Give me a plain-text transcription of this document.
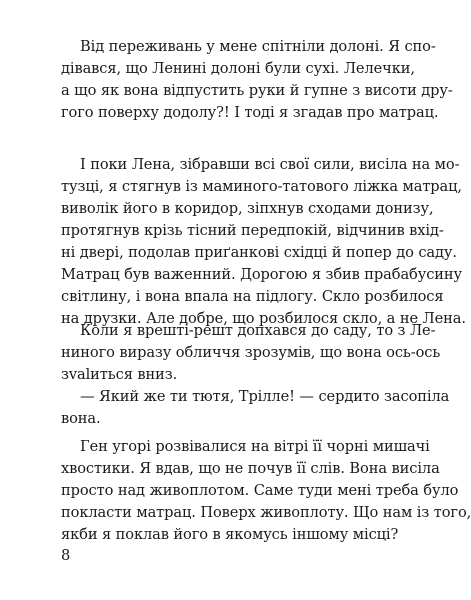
Від переживань у мене спітніли долоні. Я спо-
дівався, що Ленині долоні були сухі. Лелечки,
а що як вона відпустить руки й гупне з висоти дру-
гого поверху додолу?! І тоді я згадав про матрац.
І поки Лена, зібравши всі свої сили, висіла на мо-
тузці, я стягнув із маминого-татового ліжка матрац,
виволік його в коридор, зіпхнув сходами донизу,
протягнув крізь тісний передпокій, відчинив вхід-
ні двері, подолав приґанкові східці й попер до саду.
Матрац був важенний. Дорогою я збив прабабусину
світлину, і вона впала на підлогу. Скло розбилося
на друзки. Але добре, що розбилося скло, а не Лена.
Коли я врешті-решт допхався до саду, то з Ле-
ниного виразу обличчя зрозумів, що вона ось-ось
зvalиться вниз.
— Який же ти тютя, Трілле! — сердито засопіла
вона.
Ген угорі розвівалися на вітрі її чорні мишачі
хвостики. Я вдав, що не почув її слів. Вона висіла
просто над живоплотом. Саме туди мені треба було
покласти матрац. Поверх живоплоту. Що нам із того,
якби я поклав його в якомусь іншому місці?
8
